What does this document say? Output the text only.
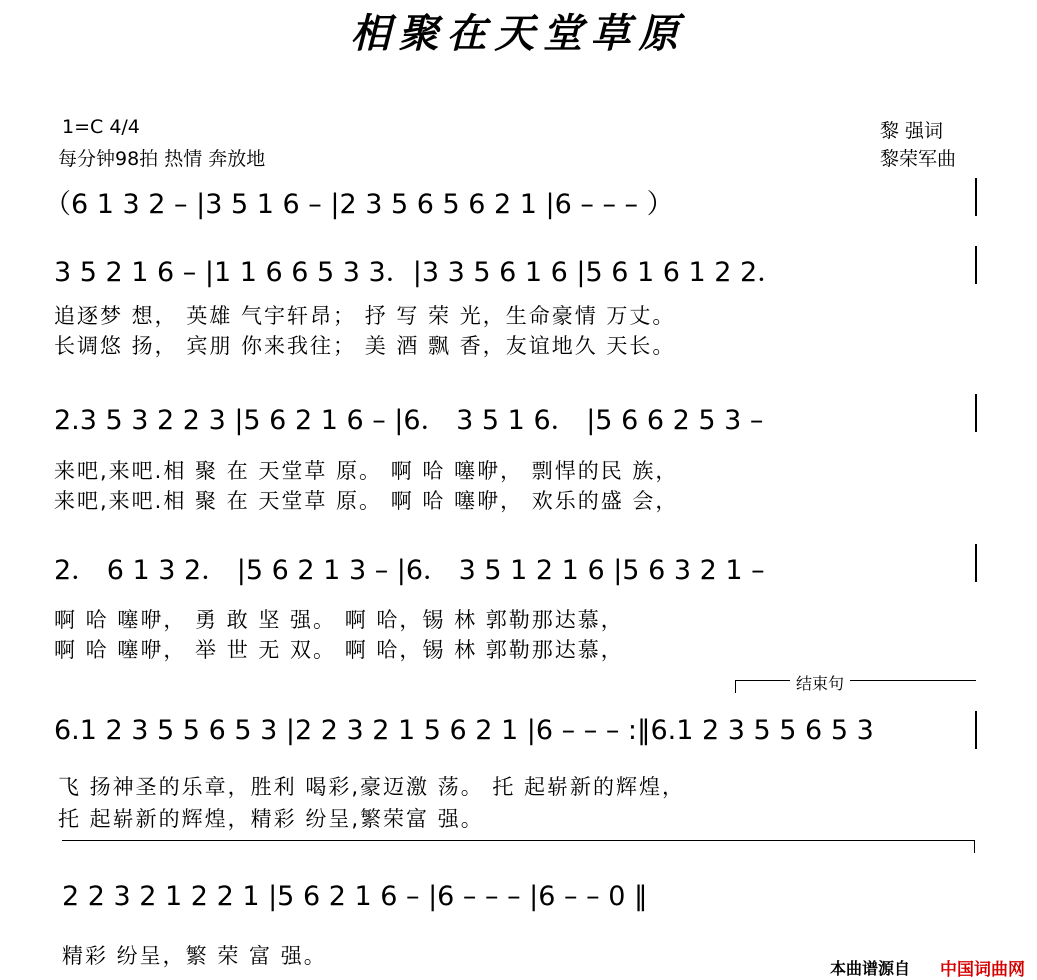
相聚在天堂草原
1=C 4/4
每分钟98拍 热情 奔放地
黎 强词
黎荣军曲
（6 1 3 2 – |3 5 1 6 – |2 3 5 6 5 6 2 1 |6 – – – ）
3 5 2 1 6 – |1 1 6 6 5 3 3．|3 3 5 6 1 6 |5 6 1 6 1 2 2．
追逐梦 想， 英雄 气宇轩昂； 抒 写 荣 光，生命豪情 万丈。
长调悠 扬， 宾朋 你来我往； 美 酒 飘 香，友谊地久 天长。
2.3 5 3 2 2 3 |5 6 2 1 6 – |6． 3 5 1 6． |5 6 6 2 5 3 –
来吧,来吧.相 聚 在 天堂草 原。 啊 哈 噻咿， 剽悍的民 族，
来吧,来吧.相 聚 在 天堂草 原。 啊 哈 噻咿， 欢乐的盛 会，
2． 6 1 3 2． |5 6 2 1 3 – |6． 3 5 1 2 1 6 |5 6 3 2 1 –
啊 哈 噻咿， 勇 敢 坚 强。 啊 哈，锡 林 郭勒那达慕，
啊 哈 噻咿， 举 世 无 双。 啊 哈，锡 林 郭勒那达慕，
结束句
6.1 2 3 5 5 6 5 3 |2 2 3 2 1 5 6 2 1 |6 – – – :‖6.1 2 3 5 5 6 5 3
飞 扬神圣的乐章，胜利 喝彩,豪迈激 荡。 托 起崭新的辉煌，
托 起崭新的辉煌，精彩 纷呈,繁荣富 强。
2 2 3 2 1 2 2 1 |5 6 2 1 6 – |6 – – – |6 – – 0 ‖
精彩 纷呈，繁 荣 富 强。
本曲谱源自 中国词曲网
